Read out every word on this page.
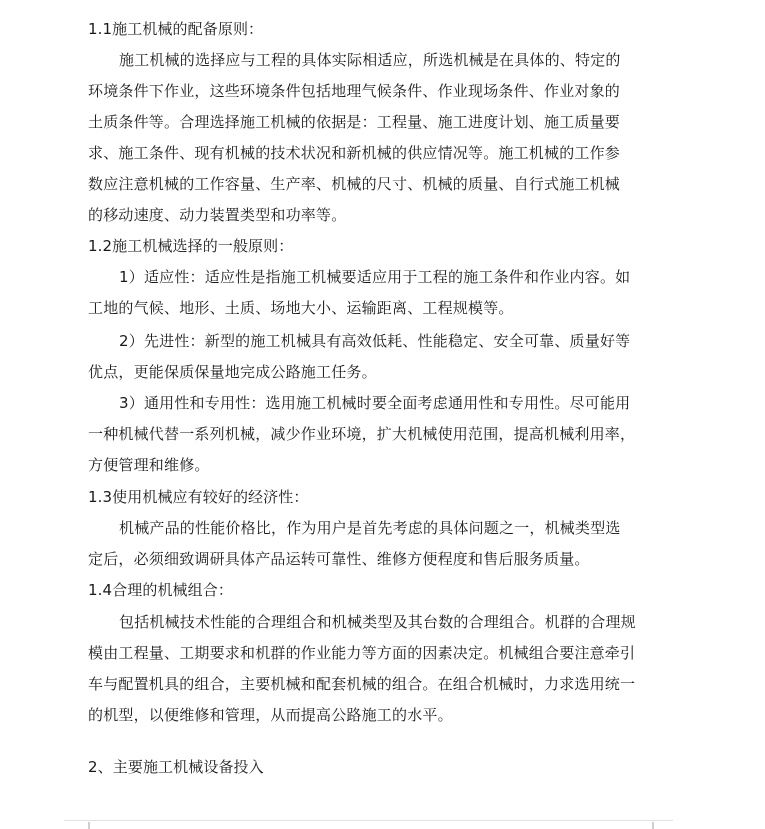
1.1施工机械的配备原则：
施工机械的选择应与工程的具体实际相适应，所选机械是在具体的、特定的
环境条件下作业，这些环境条件包括地理气候条件、作业现场条件、作业对象的
土质条件等。合理选择施工机械的依据是：工程量、施工进度计划、施工质量要
求、施工条件、现有机械的技术状况和新机械的供应情况等。施工机械的工作参
数应注意机械的工作容量、生产率、机械的尺寸、机械的质量、自行式施工机械
的移动速度、动力装置类型和功率等。
1.2施工机械选择的一般原则：
1）适应性：适应性是指施工机械要适应用于工程的施工条件和作业内容。如
工地的气候、地形、土质、场地大小、运输距离、工程规模等。
2）先进性：新型的施工机械具有高效低耗、性能稳定、安全可靠、质量好等
优点，更能保质保量地完成公路施工任务。
3）通用性和专用性：选用施工机械时要全面考虑通用性和专用性。尽可能用
一种机械代替一系列机械，减少作业环境，扩大机械使用范围，提高机械利用率，
方便管理和维修。
1.3使用机械应有较好的经济性：
机械产品的性能价格比，作为用户是首先考虑的具体问题之一，机械类型选
定后，必须细致调研具体产品运转可靠性、维修方便程度和售后服务质量。
1.4合理的机械组合：
包括机械技术性能的合理组合和机械类型及其台数的合理组合。机群的合理规
模由工程量、工期要求和机群的作业能力等方面的因素决定。机械组合要注意牵引
车与配置机具的组合，主要机械和配套机械的组合。在组合机械时，力求选用统一
的机型，以便维修和管理，从而提高公路施工的水平。
2、主要施工机械设备投入
